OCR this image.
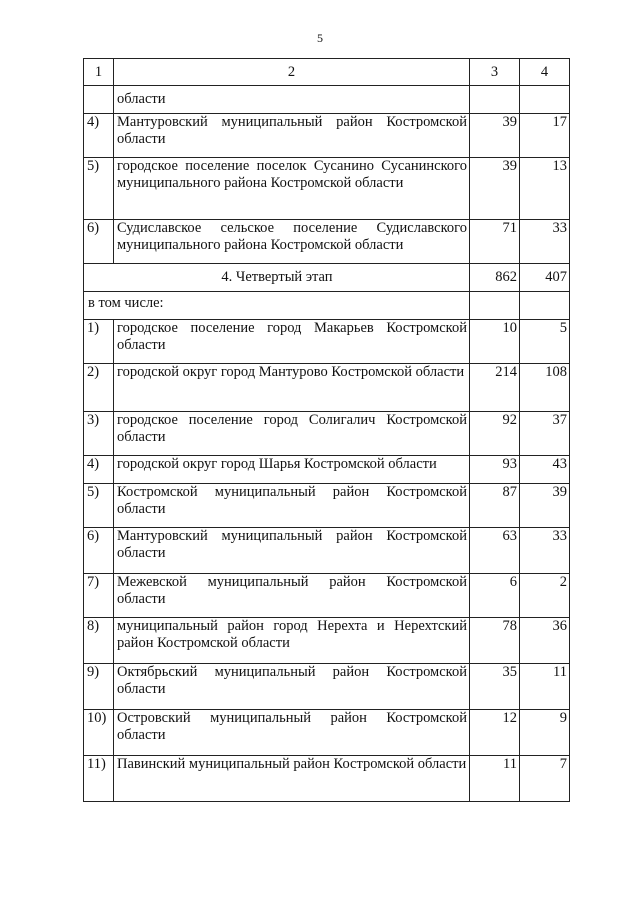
5
1	2	3	4
	области		
4)	Мантуровский муниципальный район Костромской области	39	17
5)	городское поселение поселок Сусанино Сусанинского муниципального района Костромской области	39	13
6)	Судиславское сельское поселение Судиславского муниципального района Костромской области	71	33
4. Четвертый этап		862	407
в том числе:			
1)	городское поселение город Макарьев Костромской области	10	5
2)	городской округ город Мантурово Костромской области	214	108
3)	городское поселение город Солигалич Костромской области	92	37
4)	городской округ город Шарья Костромской области	93	43
5)	Костромской муниципальный район Костромской области	87	39
6)	Мантуровский муниципальный район Костромской области	63	33
7)	Межевской муниципальный район Костромской области	6	2
8)	муниципальный район город Нерехта и Нерехтский район Костромской области	78	36
9)	Октябрьский муниципальный район Костромской области	35	11
10)	Островский муниципальный район Костромской области	12	9
11)	Павинский муниципальный район Костромской области	11	7
